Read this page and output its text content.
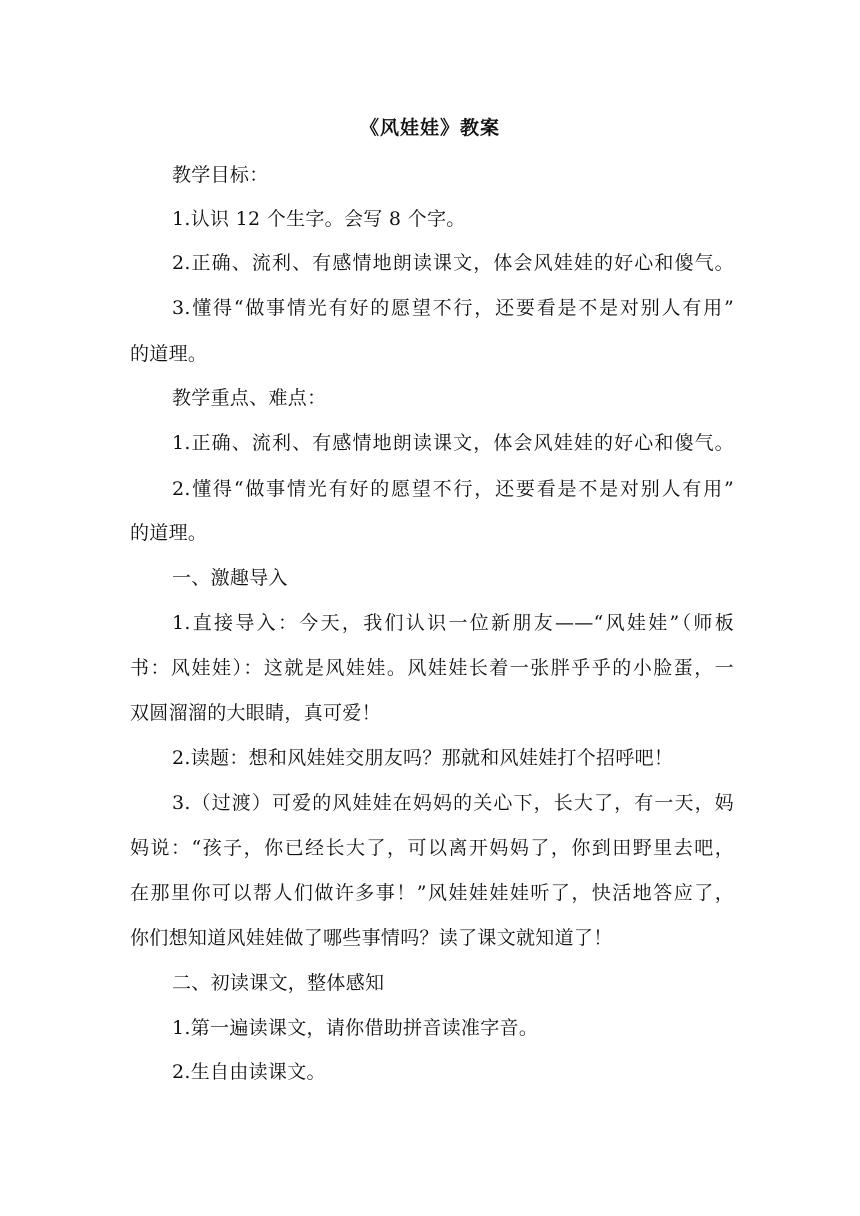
《风娃娃》教案
教学目标：
1.认识 12 个生字。会写 8 个字。
2.正确、流利、有感情地朗读课文，体会风娃娃的好心和傻气。
3.懂得“做事情光有好的愿望不行，还要看是不是对别人有用”
的道理。
教学重点、难点：
1.正确、流利、有感情地朗读课文，体会风娃娃的好心和傻气。
2.懂得“做事情光有好的愿望不行，还要看是不是对别人有用”
的道理。
一、激趣导入
1.直接导入：今天，我们认识一位新朋友——“风娃娃”（师板
书：风娃娃）：这就是风娃娃。风娃娃长着一张胖乎乎的小脸蛋，一
双圆溜溜的大眼睛，真可爱！
2.读题：想和风娃娃交朋友吗？那就和风娃娃打个招呼吧！
3.（过渡）可爱的风娃娃在妈妈的关心下，长大了，有一天，妈
妈说：“孩子，你已经长大了，可以离开妈妈了，你到田野里去吧，
在那里你可以帮人们做许多事！”风娃娃娃娃听了，快活地答应了，
你们想知道风娃娃做了哪些事情吗？读了课文就知道了！
二、初读课文，整体感知
1.第一遍读课文，请你借助拼音读准字音。
2.生自由读课文。
